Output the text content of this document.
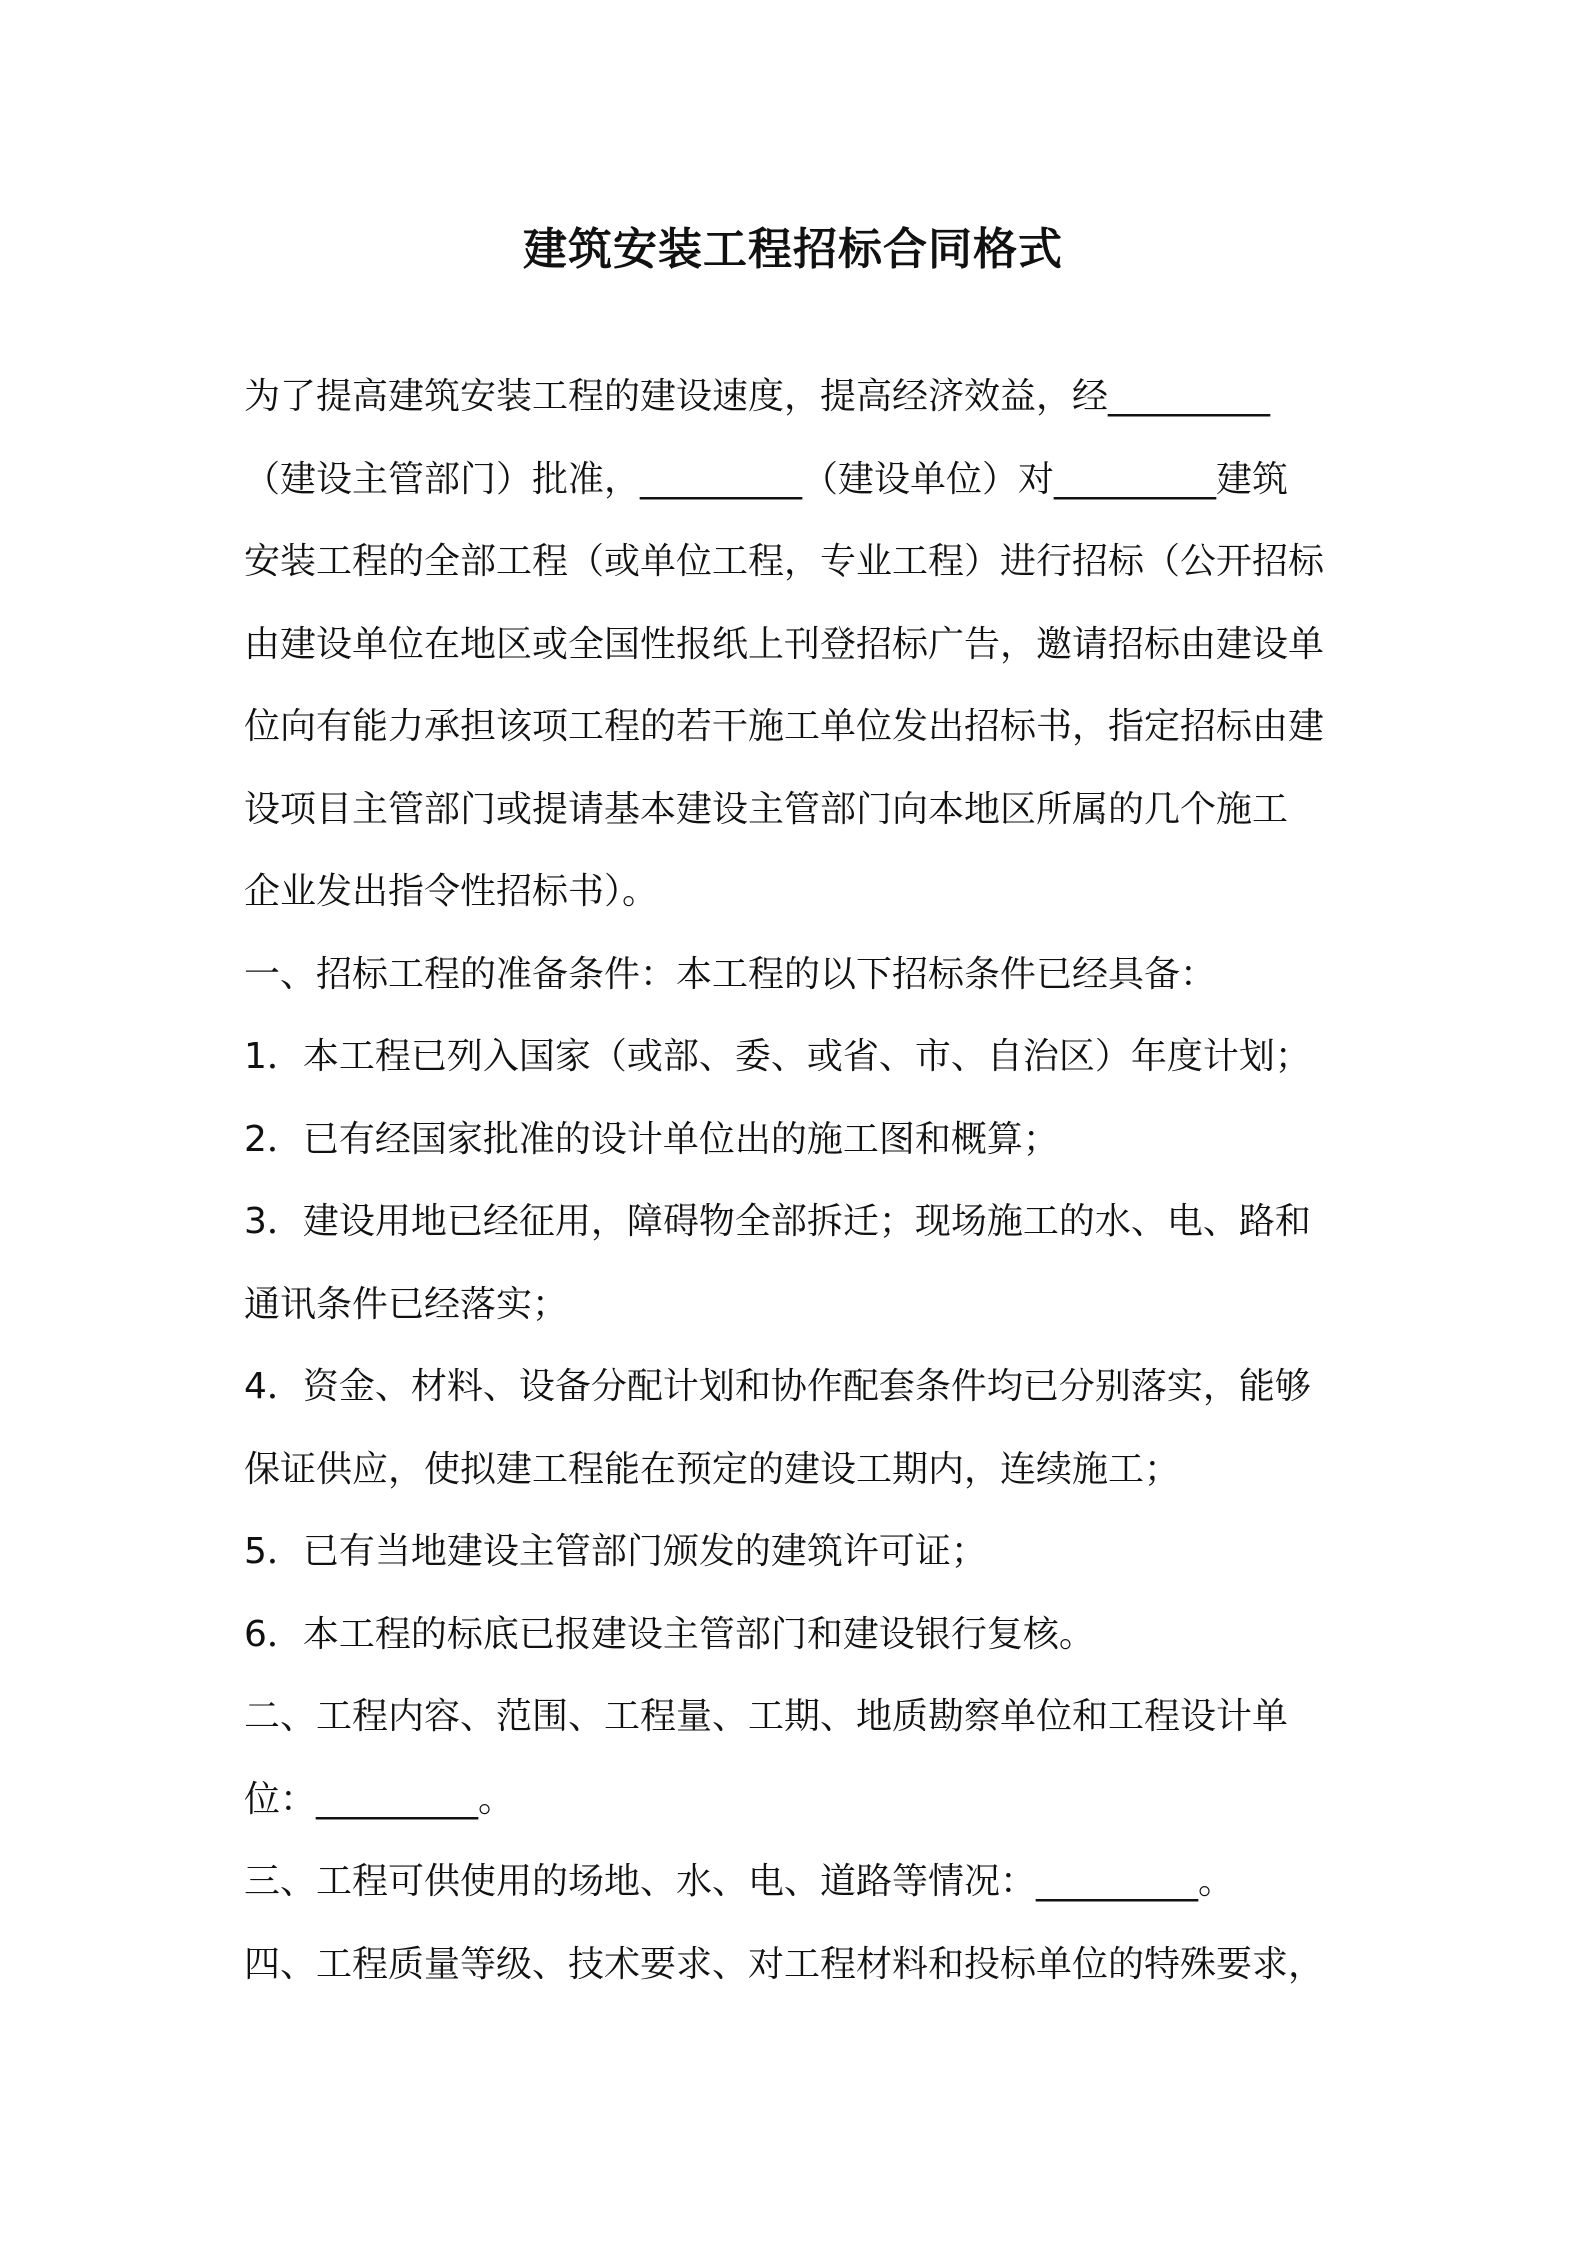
建筑安装工程招标合同格式
为了提高建筑安装工程的建设速度，提高经济效益，经_________
（建设主管部门）批准，_________（建设单位）对_________建筑
安装工程的全部工程（或单位工程，专业工程）进行招标（公开招标
由建设单位在地区或全国性报纸上刊登招标广告，邀请招标由建设单
位向有能力承担该项工程的若干施工单位发出招标书，指定招标由建
设项目主管部门或提请基本建设主管部门向本地区所属的几个施工
企业发出指令性招标书）。
一、招标工程的准备条件：本工程的以下招标条件已经具备：
1．本工程已列入国家（或部、委、或省、市、自治区）年度计划；
2．已有经国家批准的设计单位出的施工图和概算；
3．建设用地已经征用，障碍物全部拆迁；现场施工的水、电、路和
通讯条件已经落实；
4．资金、材料、设备分配计划和协作配套条件均已分别落实，能够
保证供应，使拟建工程能在预定的建设工期内，连续施工；
5．已有当地建设主管部门颁发的建筑许可证；
6．本工程的标底已报建设主管部门和建设银行复核。
二、工程内容、范围、工程量、工期、地质勘察单位和工程设计单
位：_________。
三、工程可供使用的场地、水、电、道路等情况：_________。
四、工程质量等级、技术要求、对工程材料和投标单位的特殊要求，
